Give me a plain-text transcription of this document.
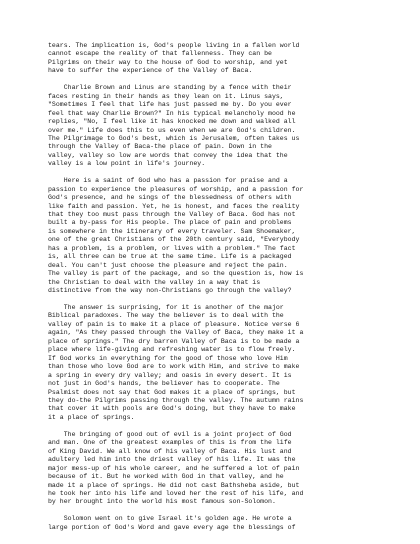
tears. The implication is, God's people living in a fallen world
cannot escape the reality of that fallenness. They can be
Pilgrims on their way to the house of God to worship, and yet
have to suffer the experience of the Valley of Baca.
Charlie Brown and Linus are standing by a fence with their
faces resting in their hands as they lean on it. Linus says,
"Sometimes I feel that life has just passed me by. Do you ever
feel that way Charlie Brown?" In his typical melancholy mood he
replies, "No, I feel like it has knocked me down and walked all
over me." Life does this to us even when we are God's children.
The Pilgrimage to God's best, which is Jerusalem, often takes us
through the Valley of Baca-the place of pain. Down in the
valley, valley so low are words that convey the idea that the
valley is a low point in life's journey.
Here is a saint of God who has a passion for praise and a
passion to experience the pleasures of worship, and a passion for
God's presence, and he sings of the blessedness of others with
like faith and passion. Yet, he is honest, and faces the reality
that they too must pass through the Valley of Baca. God has not
built a by-pass for His people. The place of pain and problems
is somewhere in the itinerary of every traveler. Sam Shoemaker,
one of the great Christians of the 20th century said, "Everybody
has a problem, is a problem, or lives with a problem." The fact
is, all three can be true at the same time. Life is a packaged
deal. You can't just choose the pleasure and reject the pain.
The valley is part of the package, and so the question is, how is
the Christian to deal with the valley in a way that is
distinctive from the way non-Christians go through the valley?
The answer is surprising, for it is another of the major
Biblical paradoxes. The way the believer is to deal with the
valley of pain is to make it a place of pleasure. Notice verse 6
again, "As they passed through the Valley of Baca, they make it a
place of springs." The dry barren Valley of Baca is to be made a
place where life-giving and refreshing water is to flow freely.
If God works in everything for the good of those who love Him
than those who love God are to work with Him, and strive to make
a spring in every dry valley; and oasis in every desert. It is
not just in God's hands, the believer has to cooperate. The
Psalmist does not say that God makes it a place of springs, but
they do-the Pilgrims passing through the valley. The autumn rains
that cover it with pools are God's doing, but they have to make
it a place of springs.
The bringing of good out of evil is a joint project of God
and man. One of the greatest examples of this is from the life
of King David. We all know of his valley of Baca. His lust and
adultery led him into the driest valley of his life. It was the
major mess-up of his whole career, and he suffered a lot of pain
because of it. But he worked with God in that valley, and he
made it a place of springs. He did not cast Bathsheba aside, but
he took her into his life and loved her the rest of his life, and
by her brought into the world his most famous son-Solomon.
Solomon went on to give Israel it's golden age. He wrote a
large portion of God's Word and gave every age the blessings of
